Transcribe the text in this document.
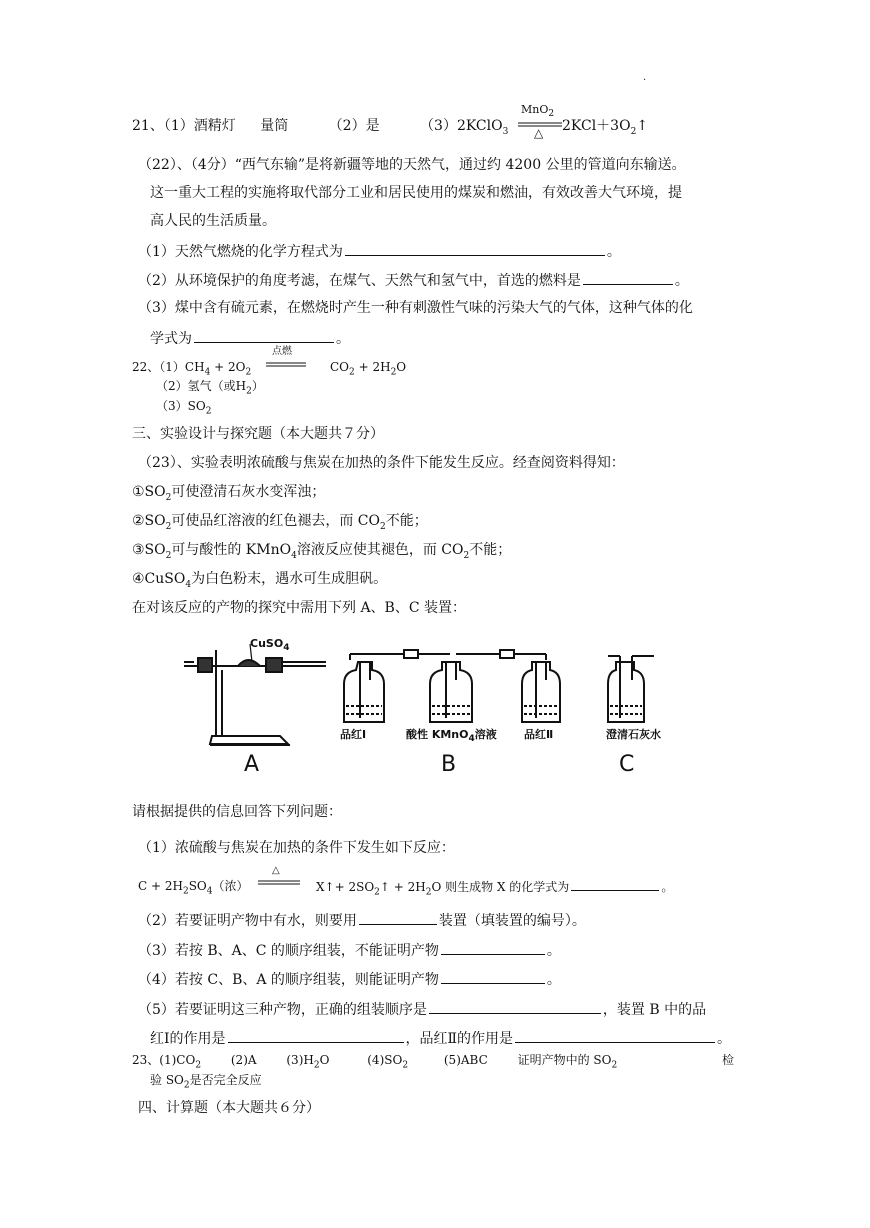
.
21、（1）酒精灯 量筒	（2）是	（3）2KClO$_3$
MnO$_2$
△ $2KCl+3O_2↑$
（22）、（4分）“西气东输”是将新疆等地的天然气，通过约 4200 公里的管道向东输送。
这一重大工程的实施将取代部分工业和居民使用的煤炭和燃油，有效改善大气环境，提
高人民的生活质量。
（1）天然气燃烧的化学方程式为	。
（2）从环境保护的角度考滤，在煤气、天然气和氢气中，首选的燃料是	。
（3）煤中含有硫元素，在燃烧时产生一种有刺激性气味的污染大气的气体，这种气体的化
学式为	。
22、$(1)CH_4 + 2O_2$
点燃
$CO_2 + 2H_2O$
（2）氢气（或$H_2$）
$(3)SO_2$
三、实验设计与探究题（本大题共７分）
（23）、实验表明浓硫酸与焦炭在加热的条件下能发生反应。经查阅资料得知：
$①SO_2$可使澄清石灰水变浑浊；
$②SO_2$可使品红溶液的红色褪去，而 $CO_2$不能；
$③SO_2$可与酸性的 KMnO$_4$溶液反应使其褪色，而 $CO_2$不能；
④CuSO$_4$为白色粉末，遇水可生成胆矾。
在对该反应的产物的探究中需用下列 A、B、C 装置：
CuSO$_4$
品红Ⅰ	酸性 KMnO$_4$溶液 品红Ⅱ	澄清石灰水
A	B	C
请根据提供的信息回答下列问题：
（1）浓硫酸与焦炭在加热的条件下发生如下反应：
$C + 2H_2SO_4$（浓）
△
X↑+ $2SO_2↑ + 2H_2O$ 则生成物 X 的化学式为	。
（2）若要证明产物中有水，则要用	装置（填装置的编号）。
（3）若按 B、A、C 的顺序组装，不能证明产物	。
（4）若按 C、B、A 的顺序组装，则能证明产物	。
（5）若要证明这三种产物，正确的组装顺序是	，装置 B 中的品
红Ⅰ的作用是	，品红Ⅱ的作用是	。
23、$(1)CO_2$ (2)A $(3)H_2O$	$(4)SO_2$	(5)ABC 证明产物中的 $SO_2$	检
验 $SO_2$是否完全反应
四、计算题（本大题共６分）
